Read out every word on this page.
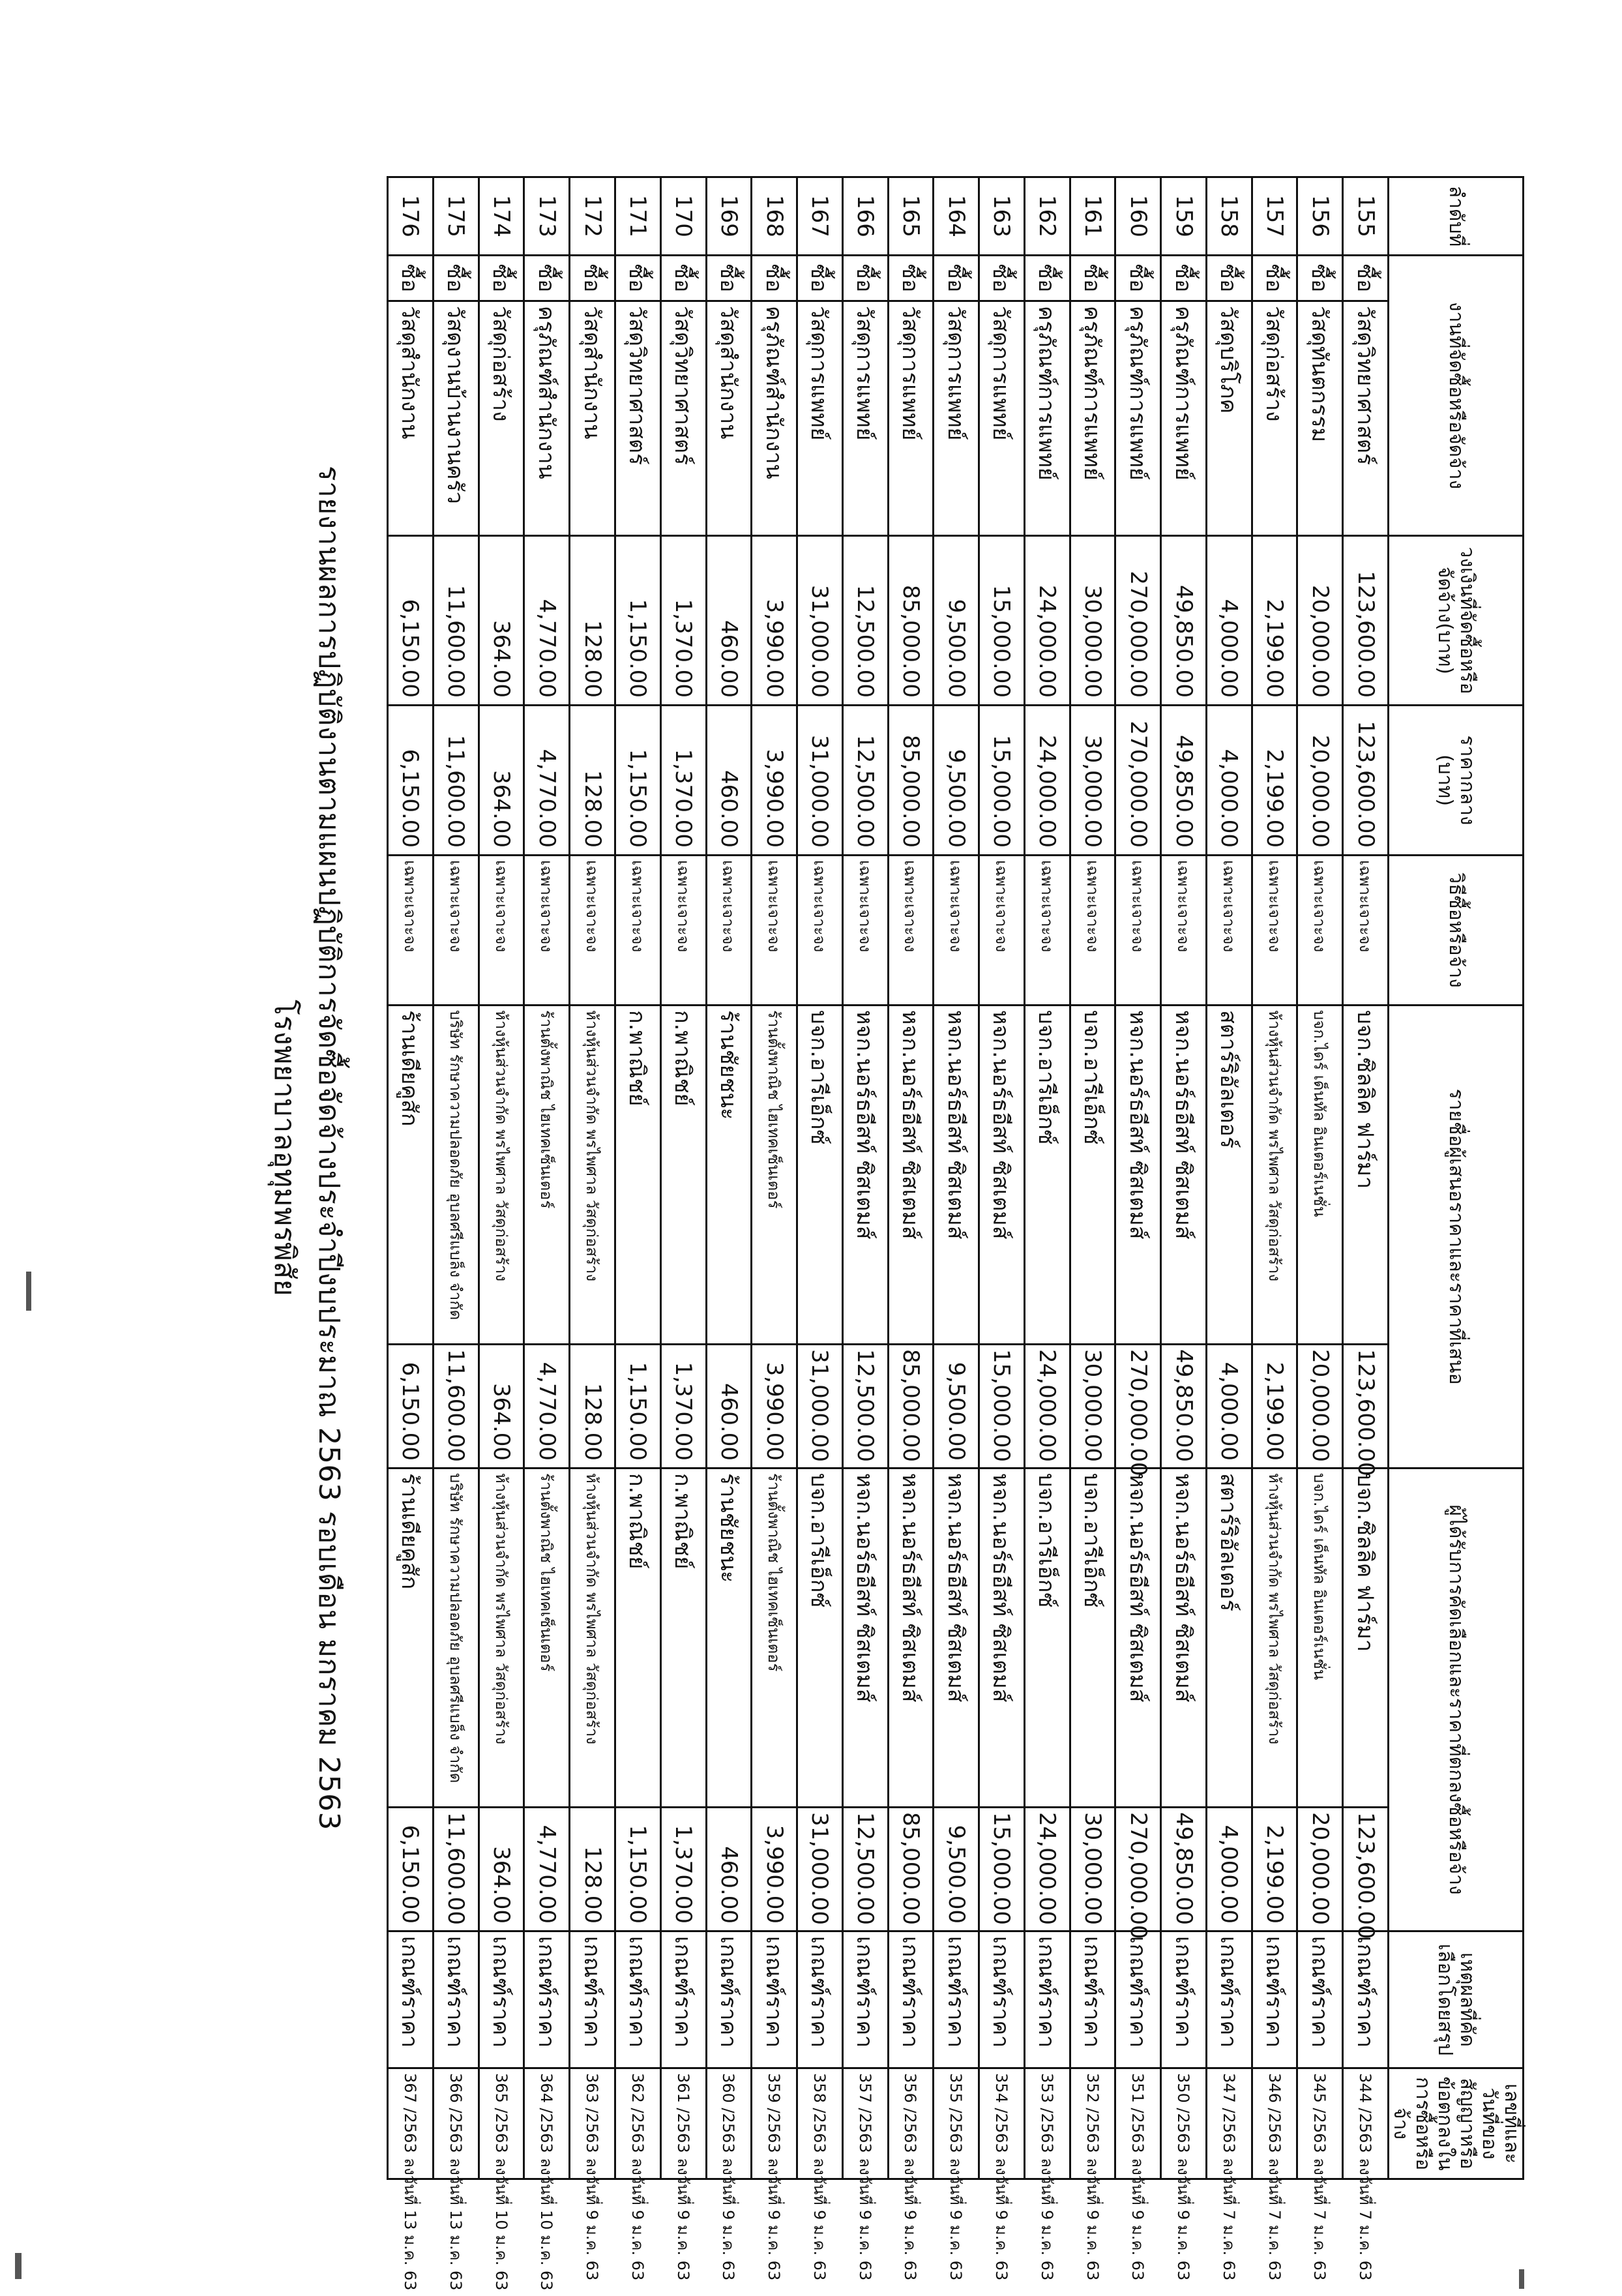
รายงานผลการปฏิบัติงานตามแผนปฏิบัติการจัดซื้อจัดจ้างประจำปีงบประมาณ 2563 รอบเดือน มกราคม 2563
โรงพยาบาลอุทุมพรพิสัย
ลำดับที่	งานที่จัดซื้อหรือจัดจ้าง		วงเงินที่จัดซื้อหรือจัดจ้าง(บาท)	ราคากลาง (บาท)	วิธีซื้อหรือจ้าง	รายชื่อผู้เสนอราคาและราคาที่เสนอ		ผู้ได้รับการคัดเลือกและราคาที่ตกลงซื้อหรือจ้าง		เหตุผลที่คัดเลือกโดยสรุป	เลขที่และวันที่ของสัญญาหรือข้อตกลงในการซื้อหรือจ้าง
155	ซื้อ	วัสดุวิทยาศาสตร์	123,600.00	123,600.00	เฉพาะเจาะจง	บจก.ซิลลิค ฟาร์มา	123,600.00	บจก.ซิลลิค ฟาร์มา	123,600.00	เกณฑ์ราคา	344 /2563 ลงวันที่ 7 ม.ค. 63
156	ซื้อ	วัสดุทันตกรรม	20,000.00	20,000.00	เฉพาะเจาะจง	บจก.ไดร์ เด็นทัล อินเตอร์เนชั่น	20,000.00	บจก.ไดร์ เด็นทัล อินเตอร์เนชั่น	20,000.00	เกณฑ์ราคา	345 /2563 ลงวันที่ 7 ม.ค. 63
157	ซื้อ	วัสดุก่อสร้าง	2,199.00	2,199.00	เฉพาะเจาะจง	ห้างหุ้นส่วนจำกัด พรไพศาล วัสดุก่อสร้าง	2,199.00	ห้างหุ้นส่วนจำกัด พรไพศาล วัสดุก่อสร้าง	2,199.00	เกณฑ์ราคา	346 /2563 ลงวันที่ 7 ม.ค. 63
158	ซื้อ	วัสดุบริโภค	4,000.00	4,000.00	เฉพาะเจาะจง	สตาร์ริอัลเตอร์	4,000.00	สตาร์ริอัลเตอร์	4,000.00	เกณฑ์ราคา	347 /2563 ลงวันที่ 7 ม.ค. 63
159	ซื้อ	ครุภัณฑ์การแพทย์	49,850.00	49,850.00	เฉพาะเจาะจง	หจก.นอร์ธอีสท์ ซิสเตมส์	49,850.00	หจก.นอร์ธอีสท์ ซิสเตมส์	49,850.00	เกณฑ์ราคา	350 /2563 ลงวันที่ 9 ม.ค. 63
160	ซื้อ	ครุภัณฑ์การแพทย์	270,000.00	270,000.00	เฉพาะเจาะจง	หจก.นอร์ธอีสท์ ซิสเตมส์	270,000.00	หจก.นอร์ธอีสท์ ซิสเตมส์	270,000.00	เกณฑ์ราคา	351 /2563 ลงวันที่ 9 ม.ค. 63
161	ซื้อ	ครุภัณฑ์การแพทย์	30,000.00	30,000.00	เฉพาะเจาะจง	บจก.อารีเอ็กซ์	30,000.00	บจก.อารีเอ็กซ์	30,000.00	เกณฑ์ราคา	352 /2563 ลงวันที่ 9 ม.ค. 63
162	ซื้อ	ครุภัณฑ์การแพทย์	24,000.00	24,000.00	เฉพาะเจาะจง	บจก.อารีเอ็กซ์	24,000.00	บจก.อารีเอ็กซ์	24,000.00	เกณฑ์ราคา	353 /2563 ลงวันที่ 9 ม.ค. 63
163	ซื้อ	วัสดุการแพทย์	15,000.00	15,000.00	เฉพาะเจาะจง	หจก.นอร์ธอีสท์ ซิสเตมส์	15,000.00	หจก.นอร์ธอีสท์ ซิสเตมส์	15,000.00	เกณฑ์ราคา	354 /2563 ลงวันที่ 9 ม.ค. 63
164	ซื้อ	วัสดุการแพทย์	9,500.00	9,500.00	เฉพาะเจาะจง	หจก.นอร์ธอีสท์ ซิสเตมส์	9,500.00	หจก.นอร์ธอีสท์ ซิสเตมส์	9,500.00	เกณฑ์ราคา	355 /2563 ลงวันที่ 9 ม.ค. 63
165	ซื้อ	วัสดุการแพทย์	85,000.00	85,000.00	เฉพาะเจาะจง	หจก.นอร์ธอีสท์ ซิสเตมส์	85,000.00	หจก.นอร์ธอีสท์ ซิสเตมส์	85,000.00	เกณฑ์ราคา	356 /2563 ลงวันที่ 9 ม.ค. 63
166	ซื้อ	วัสดุการแพทย์	12,500.00	12,500.00	เฉพาะเจาะจง	หจก.นอร์ธอีสท์ ซิสเตมส์	12,500.00	หจก.นอร์ธอีสท์ ซิสเตมส์	12,500.00	เกณฑ์ราคา	357 /2563 ลงวันที่ 9 ม.ค. 63
167	ซื้อ	วัสดุการแพทย์	31,000.00	31,000.00	เฉพาะเจาะจง	บจก.อารีเอ็กซ์	31,000.00	บจก.อารีเอ็กซ์	31,000.00	เกณฑ์ราคา	358 /2563 ลงวันที่ 9 ม.ค. 63
168	ซื้อ	ครุภัณฑ์สำนักงาน	3,990.00	3,990.00	เฉพาะเจาะจง	ร้านตั้งพาณิช ไฮเทคเซ็นเตอร์	3,990.00	ร้านตั้งพาณิช ไฮเทคเซ็นเตอร์	3,990.00	เกณฑ์ราคา	359 /2563 ลงวันที่ 9 ม.ค. 63
169	ซื้อ	วัสดุสำนักงาน	460.00	460.00	เฉพาะเจาะจง	ร้านชัยชนะ	460.00	ร้านชัยชนะ	460.00	เกณฑ์ราคา	360 /2563 ลงวันที่ 9 ม.ค. 63
170	ซื้อ	วัสดุวิทยาศาสตร์	1,370.00	1,370.00	เฉพาะเจาะจง	ก.พาณิชย์	1,370.00	ก.พาณิชย์	1,370.00	เกณฑ์ราคา	361 /2563 ลงวันที่ 9 ม.ค. 63
171	ซื้อ	วัสดุวิทยาศาสตร์	1,150.00	1,150.00	เฉพาะเจาะจง	ก.พาณิชย์	1,150.00	ก.พาณิชย์	1,150.00	เกณฑ์ราคา	362 /2563 ลงวันที่ 9 ม.ค. 63
172	ซื้อ	วัสดุสำนักงาน	128.00	128.00	เฉพาะเจาะจง	ห้างหุ้นส่วนจำกัด พรไพศาล วัสดุก่อสร้าง	128.00	ห้างหุ้นส่วนจำกัด พรไพศาล วัสดุก่อสร้าง	128.00	เกณฑ์ราคา	363 /2563 ลงวันที่ 9 ม.ค. 63
173	ซื้อ	ครุภัณฑ์สำนักงาน	4,770.00	4,770.00	เฉพาะเจาะจง	ร้านตั้งพาณิช ไฮเทคเซ็นเตอร์	4,770.00	ร้านตั้งพาณิช ไฮเทคเซ็นเตอร์	4,770.00	เกณฑ์ราคา	364 /2563 ลงวันที่ 10 ม.ค. 63
174	ซื้อ	วัสดุก่อสร้าง	364.00	364.00	เฉพาะเจาะจง	ห้างหุ้นส่วนจำกัด พรไพศาล วัสดุก่อสร้าง	364.00	ห้างหุ้นส่วนจำกัด พรไพศาล วัสดุก่อสร้าง	364.00	เกณฑ์ราคา	365 /2563 ลงวันที่ 10 ม.ค. 63
175	ซื้อ	วัสดุงานบ้านงานครัว	11,600.00	11,600.00	เฉพาะเจาะจง	บริษัท รักษาความปลอดภัย อุบลศรีแบล็ง จำกัด	11,600.00	บริษัท รักษาความปลอดภัย อุบลศรีแบล็ง จำกัด	11,600.00	เกณฑ์ราคา	366 /2563 ลงวันที่ 13 ม.ค. 63
176	ซื้อ	วัสดุสำนักงาน	6,150.00	6,150.00	เฉพาะเจาะจง	ร้านเดียคูสัก	6,150.00	ร้านเดียคูสัก	6,150.00	เกณฑ์ราคา	367 /2563 ลงวันที่ 13 ม.ค. 63
